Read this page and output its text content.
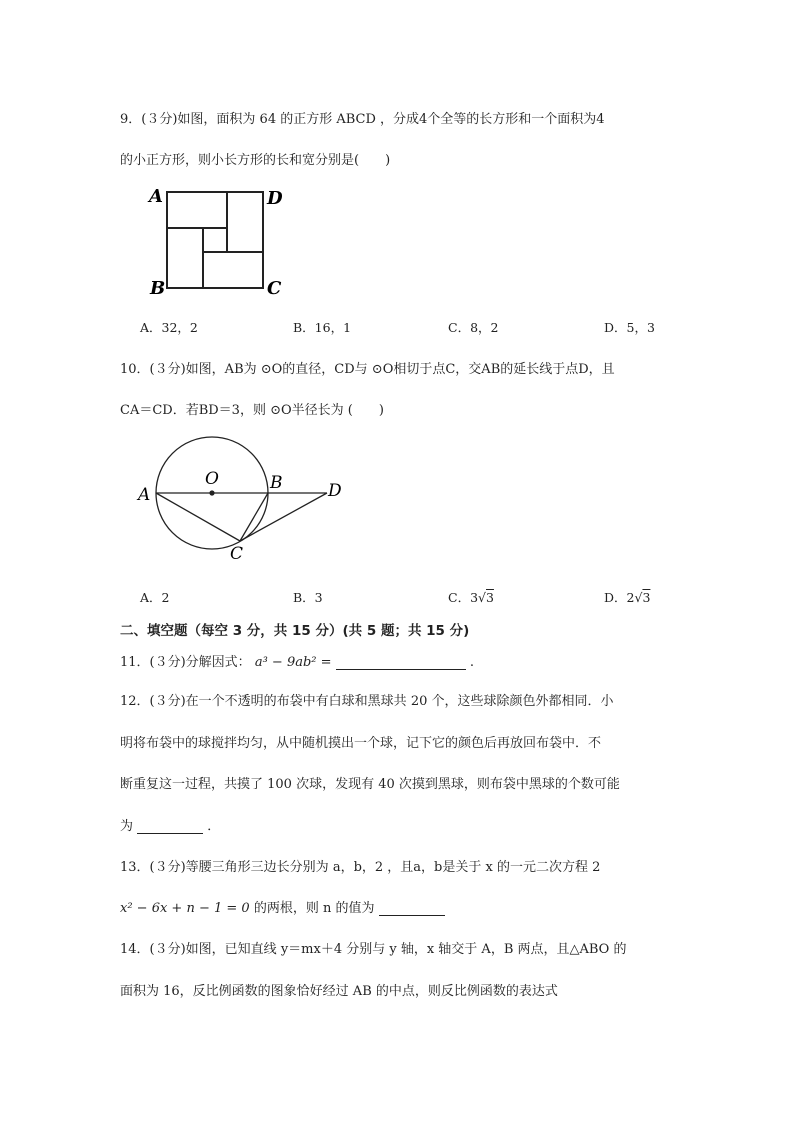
9．(３分)如图，面积为 64 的正方形 ABCD ，分成4个全等的长方形和一个面积为4
的小正方形，则小长方形的长和宽分别是(　　)
A	D
B	C
A．32，2	B．16，1	C．8，2	D．5，3
10．(３分)如图，AB为 ⊙O的直径，CD与 ⊙O相切于点C，交AB的延长线于点D，且
CA＝CD．若BD＝3，则 ⊙O半径长为 (　　)
O
A
B	D
C
A．2	B．3	C．3√3	D．2√3
二、填空题（每空 3 分，共 15 分）(共 5 题；共 15 分)
11．(３分)分解因式： a³ − 9ab² =	.
12．(３分)在一个不透明的布袋中有白球和黑球共 20 个，这些球除颜色外都相同．小
明将布袋中的球搅拌均匀，从中随机摸出一个球，记下它的颜色后再放回布袋中．不
断重复这一过程，共摸了 100 次球，发现有 40 次摸到黑球，则布袋中黑球的个数可能
为	．
13．(３分)等腰三角形三边长分别为 a，b，2 ，且a，b是关于 x 的一元二次方程 2
x² − 6x + n − 1 = 0 的两根，则 n 的值为
14．(３分)如图，已知直线 y＝mx＋4 分别与 y 轴，x 轴交于 A，B 两点，且△ABO 的
面积为 16，反比例函数的图象恰好经过 AB 的中点，则反比例函数的表达式
